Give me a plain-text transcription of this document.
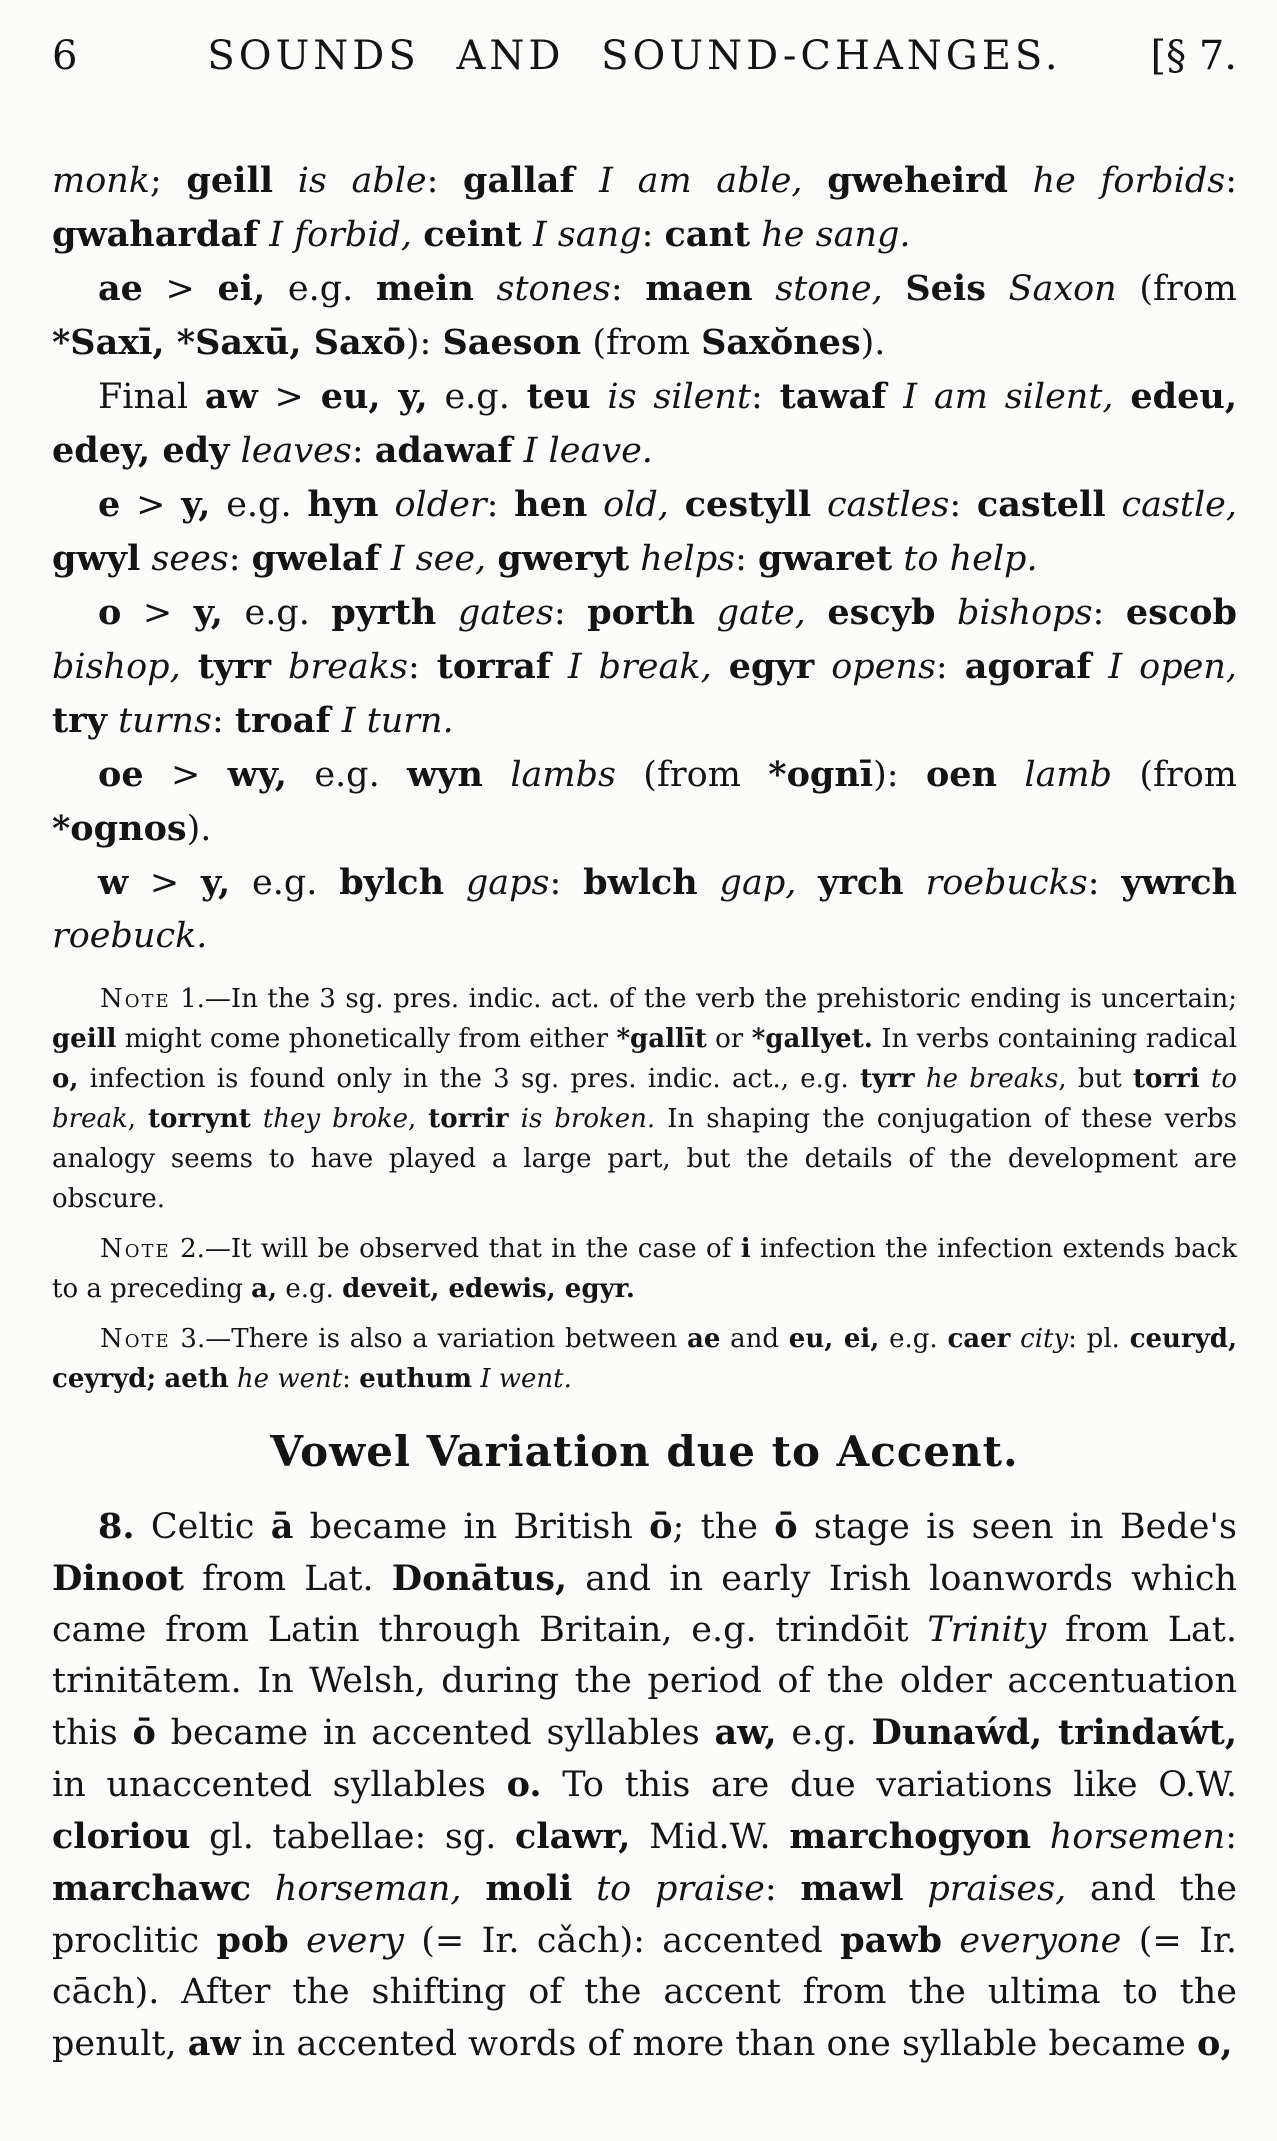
6	SOUNDS AND SOUND-CHANGES.	[§ 7.

monk; geill is able: gallaf I am able, gweheird he forbids: gwahardaf I forbid, ceint I sang: cant he sang.

ae > ei, e.g. mein stones: maen stone, Seis Saxon (from *Saxī, *Saxū, Saxō): Saeson (from Saxŏnes).

Final aw > eu, y, e.g. teu is silent: tawaf I am silent, edeu, edey, edy leaves: adawaf I leave.

e > y, e.g. hyn older: hen old, cestyll castles: castell castle, gwyl sees: gwelaf I see, gweryt helps: gwaret to help.

o > y, e.g. pyrth gates: porth gate, escyb bishops: escob bishop, tyrr breaks: torraf I break, egyr opens: agoraf I open, try turns: troaf I turn.

oe > wy, e.g. wyn lambs (from *ognī): oen lamb (from *ognos).

w > y, e.g. bylch gaps: bwlch gap, yrch roebucks: ywrch roebuck.

Note 1.—In the 3 sg. pres. indic. act. of the verb the prehistoric ending is uncertain; geill might come phonetically from either *gallīt or *gallyet. In verbs containing radical o, infection is found only in the 3 sg. pres. indic. act., e.g. tyrr he breaks, but torri to break, torrynt they broke, torrir is broken. In shaping the conjugation of these verbs analogy seems to have played a large part, but the details of the development are obscure.

Note 2.—It will be observed that in the case of i infection the infection extends back to a preceding a, e.g. deveit, edewis, egyr.

Note 3.—There is also a variation between ae and eu, ei, e.g. caer city: pl. ceuryd, ceyryd; aeth he went: euthum I went.

Vowel Variation due to Accent.

8. Celtic ā became in British ō; the ō stage is seen in Bede's Dinoot from Lat. Donātus, and in early Irish loanwords which came from Latin through Britain, e.g. trindōit Trinity from Lat. trinitātem. In Welsh, during the period of the older accentuation this ō became in accented syllables aw, e.g. Dunaẃd, trindaẃt, in unaccented syllables o. To this are due variations like O.W. cloriou gl. tabellae: sg. clawr, Mid.W. marchogyon horsemen: marchawc horseman, moli to praise: mawl praises, and the proclitic pob every (= Ir. cǎch): accented pawb everyone (= Ir. cāch). After the shifting of the accent from the ultima to the penult, aw in accented words of more than one syllable became o,
